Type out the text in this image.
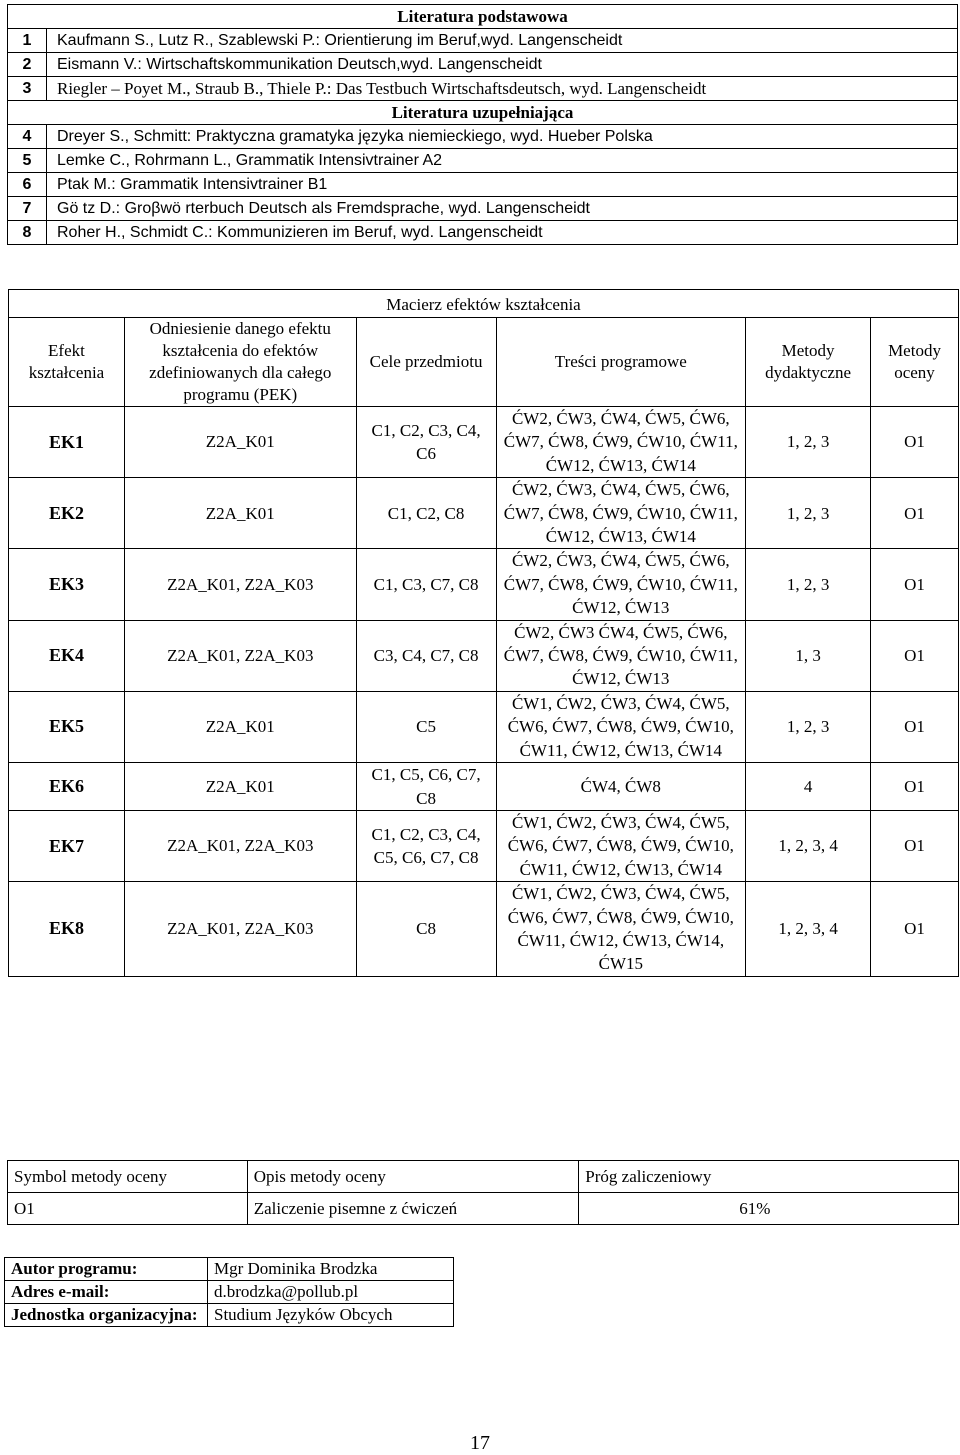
Literatura podstawowa	
1	Kaufmann S., Lutz R., Szablewski P.: Orientierung im Beruf,wyd. Langenscheidt
2	Eismann V.: Wirtschaftskommunikation Deutsch,wyd. Langenscheidt
3	Riegler – Poyet M., Straub B., Thiele P.: Das Testbuch Wirtschaftsdeutsch, wyd. Langenscheidt
Literatura uzupełniająca	
4	Dreyer S., Schmitt: Praktyczna gramatyka języka niemieckiego, wyd. Hueber Polska
5	Lemke C., Rohrmann L., Grammatik Intensivtrainer A2
6	Ptak M.: Grammatik Intensivtrainer B1
7	Gö tz D.: Groβwö rterbuch Deutsch als Fremdsprache, wyd. Langenscheidt
8	Roher H., Schmidt C.: Kommunizieren im Beruf, wyd. Langenscheidt
Macierz efektów kształcenia					
Efekt kształcenia	Odniesienie danego efektu kształcenia do efektów zdefiniowanych dla całego programu (PEK)	Cele przedmiotu	Treści programowe	Metody dydaktyczne	Metody oceny
EK1	Z2A_K01	C1, C2, C3, C4, C6	ĆW2, ĆW3, ĆW4, ĆW5, ĆW6, ĆW7, ĆW8, ĆW9, ĆW10, ĆW11, ĆW12, ĆW13, ĆW14	1, 2, 3	O1
EK2	Z2A_K01	C1, C2, C8	ĆW2, ĆW3, ĆW4, ĆW5, ĆW6, ĆW7, ĆW8, ĆW9, ĆW10, ĆW11, ĆW12, ĆW13, ĆW14	1, 2, 3	O1
EK3	Z2A_K01, Z2A_K03	C1, C3, C7, C8	ĆW2, ĆW3, ĆW4, ĆW5, ĆW6, ĆW7, ĆW8, ĆW9, ĆW10, ĆW11, ĆW12, ĆW13	1, 2, 3	O1
EK4	Z2A_K01, Z2A_K03	C3, C4, C7, C8	ĆW2, ĆW3 ĆW4, ĆW5, ĆW6, ĆW7, ĆW8, ĆW9, ĆW10, ĆW11, ĆW12, ĆW13	1, 3	O1
EK5	Z2A_K01	C5	ĆW1, ĆW2, ĆW3, ĆW4, ĆW5, ĆW6, ĆW7, ĆW8, ĆW9, ĆW10, ĆW11, ĆW12, ĆW13, ĆW14	1, 2, 3	O1
EK6	Z2A_K01	C1, C5, C6, C7, C8	ĆW4, ĆW8	4	O1
EK7	Z2A_K01, Z2A_K03	C1, C2, C3, C4, C5, C6, C7, C8	ĆW1, ĆW2, ĆW3, ĆW4, ĆW5, ĆW6, ĆW7, ĆW8, ĆW9, ĆW10, ĆW11, ĆW12, ĆW13, ĆW14	1, 2, 3, 4	O1
EK8	Z2A_K01, Z2A_K03	C8	ĆW1, ĆW2, ĆW3, ĆW4, ĆW5, ĆW6, ĆW7, ĆW8, ĆW9, ĆW10, ĆW11, ĆW12, ĆW13, ĆW14, ĆW15	1, 2, 3, 4	O1
Symbol metody oceny	Opis metody oceny	Próg zaliczeniowy
O1	Zaliczenie pisemne z ćwiczeń	61%
Autor programu:	Mgr Dominika Brodzka
Adres e-mail:	d.brodzka@pollub.pl
Jednostka organizacyjna:	Studium Języków Obcych
17
